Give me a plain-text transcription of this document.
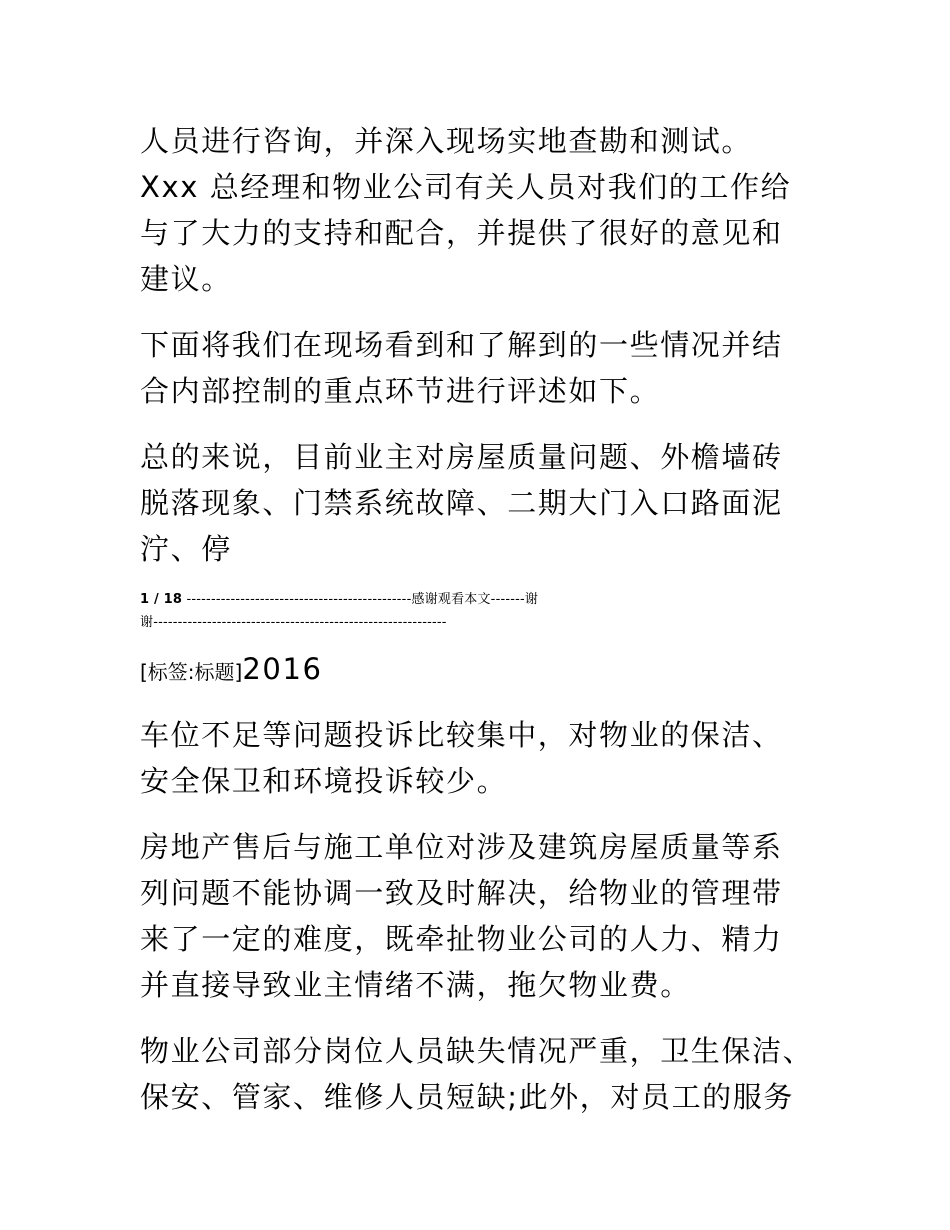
人员进行咨询，并深入现场实地查勘和测试。
Xxx 总经理和物业公司有关人员对我们的工作给
与了大力的支持和配合，并提供了很好的意见和
建议。
下面将我们在现场看到和了解到的一些情况并结
合内部控制的重点环节进行评述如下。
总的来说，目前业主对房屋质量问题、外檐墙砖
脱落现象、门禁系统故障、二期大门入口路面泥
泞、停
1 / 18 ----------------------------------------------感谢观看本文-------谢
谢------------------------------------------------------------
[标签:标题]2016
车位不足等问题投诉比较集中，对物业的保洁、
安全保卫和环境投诉较少。
房地产售后与施工单位对涉及建筑房屋质量等系
列问题不能协调一致及时解决，给物业的管理带
来了一定的难度，既牵扯物业公司的人力、精力
并直接导致业主情绪不满，拖欠物业费。
物业公司部分岗位人员缺失情况严重，卫生保洁、
保安、管家、维修人员短缺;此外，对员工的服务
